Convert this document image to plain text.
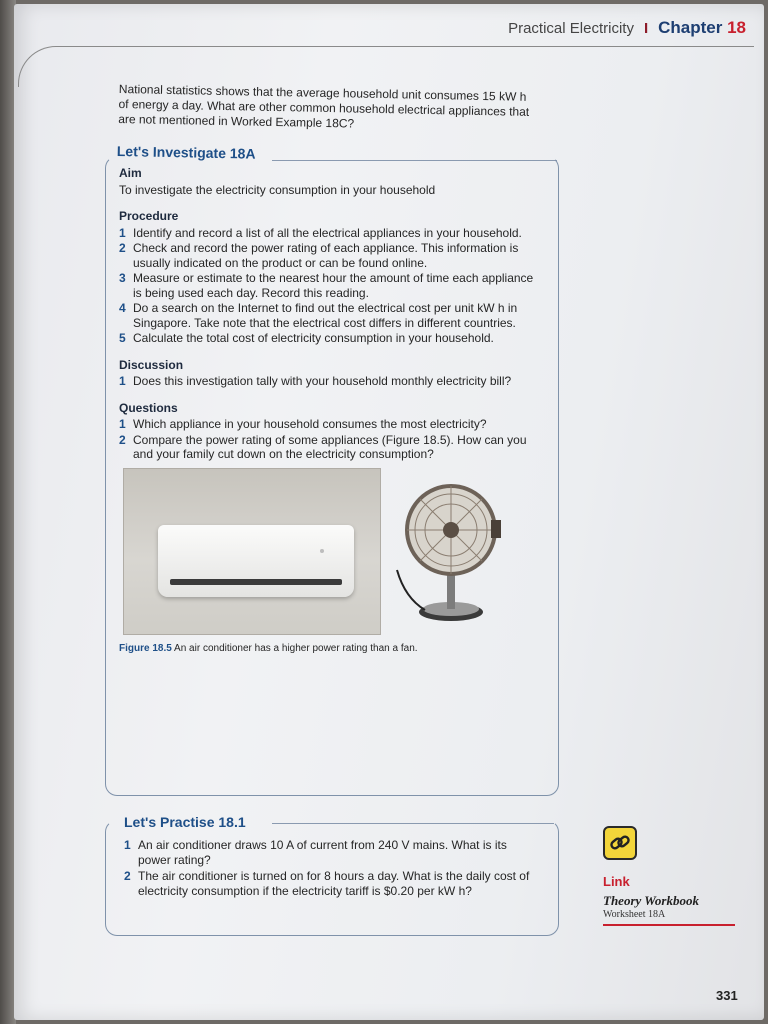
Practical Electricity I Chapter 18
National statistics shows that the average household unit consumes 15 kW h of energy a day. What are other common household electrical appliances that are not mentioned in Worked Example 18C?
Let's Investigate 18A
Aim
To investigate the electricity consumption in your household
Procedure
1 Identify and record a list of all the electrical appliances in your household.
2 Check and record the power rating of each appliance. This information is usually indicated on the product or can be found online.
3 Measure or estimate to the nearest hour the amount of time each appliance is being used each day. Record this reading.
4 Do a search on the Internet to find out the electrical cost per unit kW h in Singapore. Take note that the electrical cost differs in different countries.
5 Calculate the total cost of electricity consumption in your household.
Discussion
1 Does this investigation tally with your household monthly electricity bill?
Questions
1 Which appliance in your household consumes the most electricity?
2 Compare the power rating of some appliances (Figure 18.5). How can you and your family cut down on the electricity consumption?
Figure 18.5 An air conditioner has a higher power rating than a fan.
Let's Practise 18.1
1 An air conditioner draws 10 A of current from 240 V mains. What is its power rating?
2 The air conditioner is turned on for 8 hours a day. What is the daily cost of electricity consumption if the electricity tariff is $0.20 per kW h?
Link
Theory Workbook
Worksheet 18A
331
